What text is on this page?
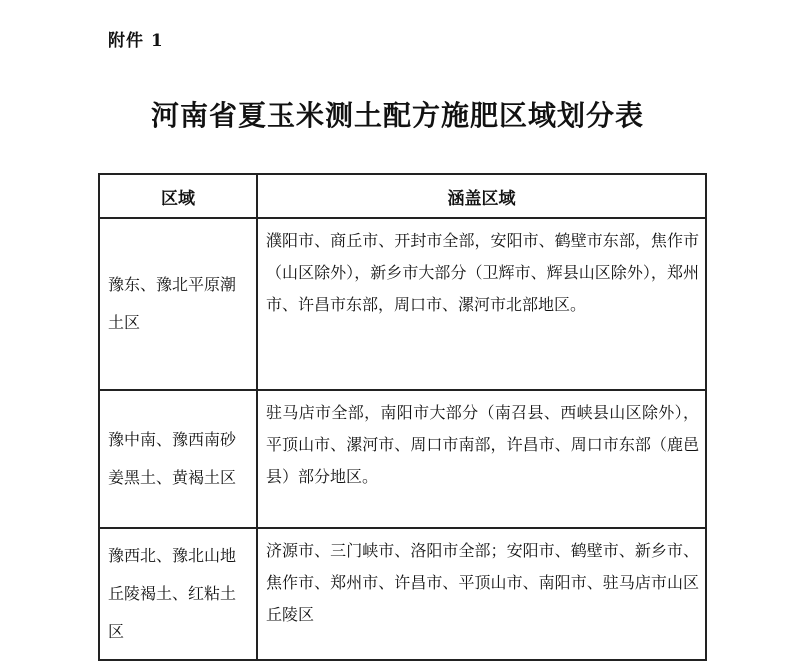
附件 1
河南省夏玉米测土配方施肥区域划分表
区域	涵盖区域
豫东、豫北平原潮土区	濮阳市、商丘市、开封市全部，安阳市、鹤壁市东部，焦作市（山区除外），新乡市大部分（卫辉市、辉县山区除外），郑州市、许昌市东部，周口市、漯河市北部地区。
豫中南、豫西南砂姜黑土、黄褐土区	驻马店市全部，南阳市大部分（南召县、西峡县山区除外），平顶山市、漯河市、周口市南部，许昌市、周口市东部（鹿邑县）部分地区。
豫西北、豫北山地丘陵褐土、红粘土区	济源市、三门峡市、洛阳市全部；安阳市、鹤壁市、新乡市、焦作市、郑州市、许昌市、平顶山市、南阳市、驻马店市山区丘陵区
